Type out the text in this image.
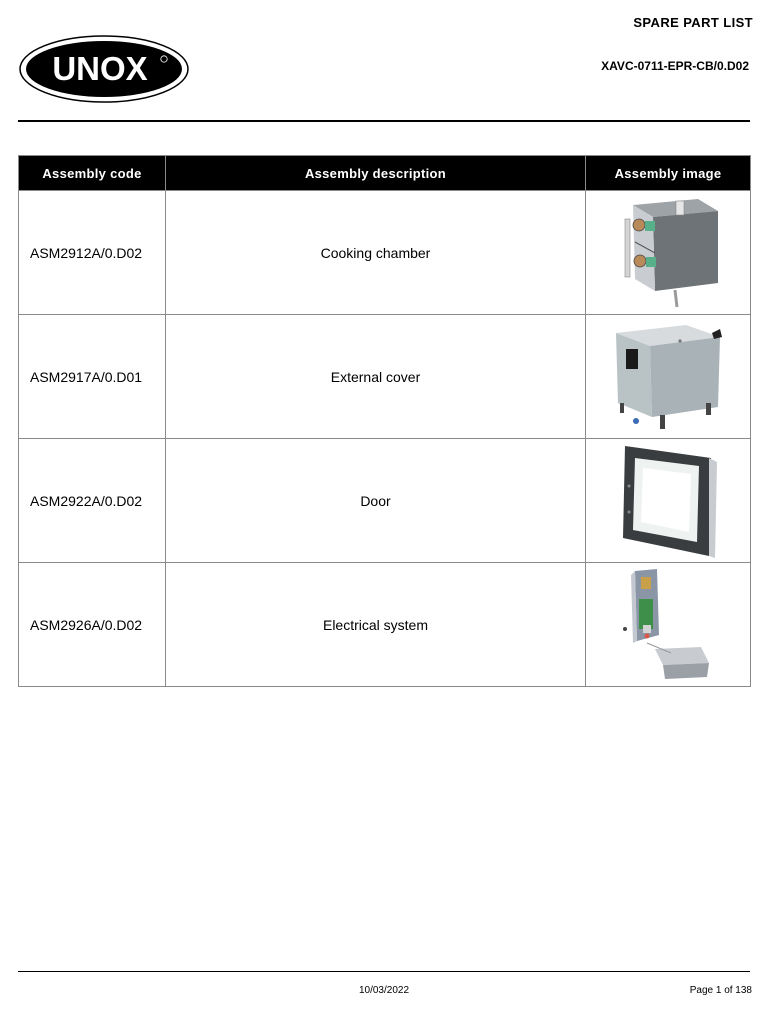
UNOX
SPARE PART LIST
XAVC-0711-EPR-CB/0.D02
Assembly code	Assembly description	Assembly image
ASM2912A/0.D02	Cooking chamber	

ASM2917A/0.D01	External cover	

ASM2922A/0.D02	Door	

ASM2926A/0.D02	Electrical system	
10/03/2022	Page 1 of 138
